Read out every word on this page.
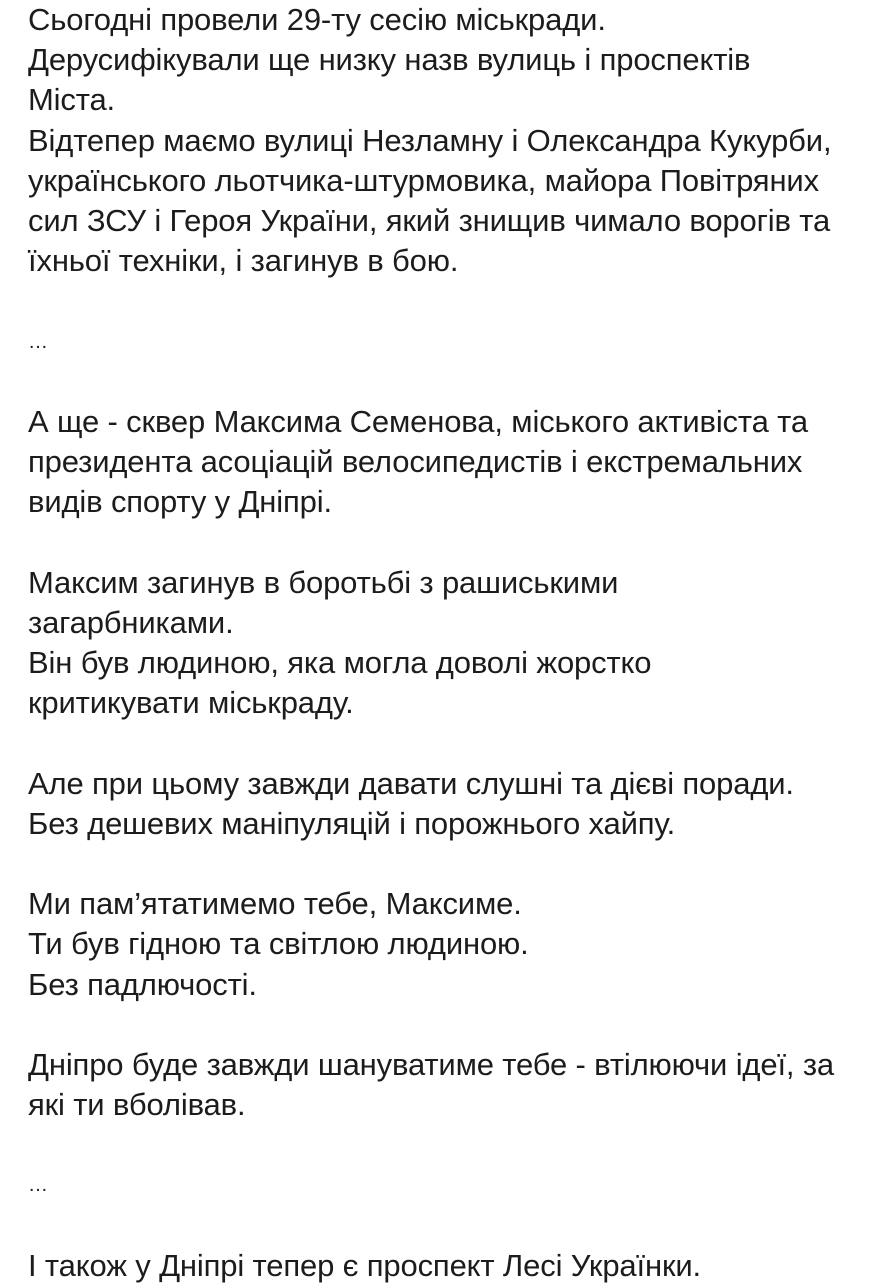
Сьогодні провели 29-ту сесію міськради.
Дерусифікували ще низку назв вулиць і проспектів
Міста.
Відтепер маємо вулиці Незламну і Олександра Кукурби,
українського льотчика-штурмовика, майора Повітряних
сил ЗСУ і Героя України, який знищив чимало ворогів та
їхньої техніки, і загинув в бою.
…
А ще - сквер Максима Семенова, міського активіста та
президента асоціацій велосипедистів і екстремальних
видів спорту у Дніпрі.
Максим загинув в боротьбі з рашиськими
загарбниками.
Він був людиною, яка могла доволі жорстко
критикувати міськраду.
Але при цьому завжди давати слушні та дієві поради.
Без дешевих маніпуляцій і порожнього хайпу.
Ми пам’ятатимемо тебе, Максиме.
Ти був гідною та світлою людиною.
Без падлючості.
Дніпро буде завжди шануватиме тебе - втілюючи ідеї, за
які ти вболівав.
…
І також у Дніпрі тепер є проспект Лесі Українки.
